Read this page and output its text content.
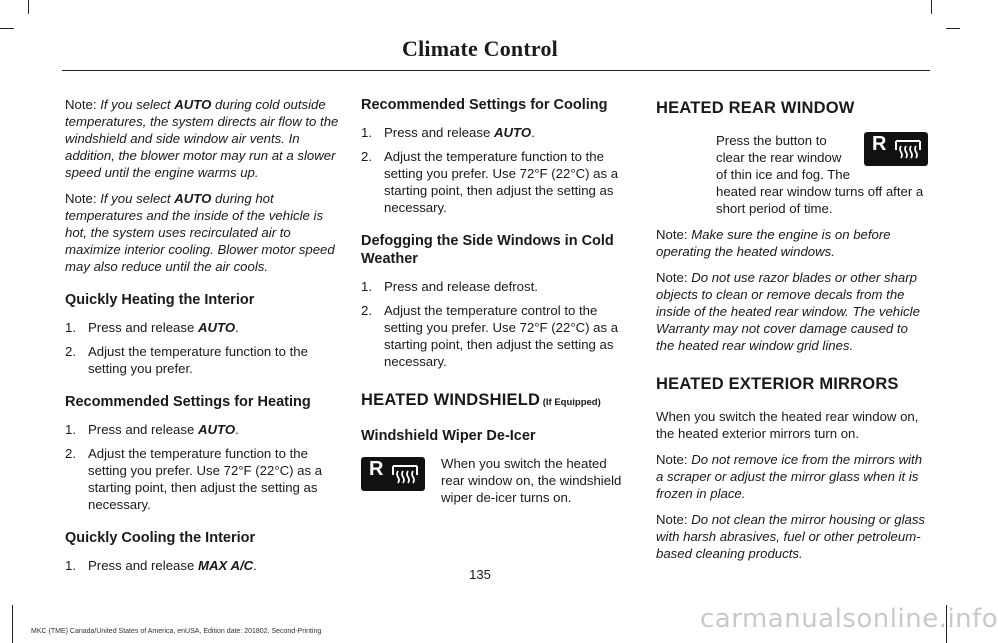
Climate Control

Note: If you select AUTO during cold outside temperatures, the system directs air flow to the windshield and side window air vents. In addition, the blower motor may run at a slower speed until the engine warms up.

Note: If you select AUTO during hot temperatures and the inside of the vehicle is hot, the system uses recirculated air to maximize interior cooling. Blower motor speed may also reduce until the air cools.

Quickly Heating the Interior
1. Press and release AUTO.
2. Adjust the temperature function to the setting you prefer.
Recommended Settings for Heating
1. Press and release AUTO.
2. Adjust the temperature function to the setting you prefer. Use 72°F (22°C) as a starting point, then adjust the setting as necessary.
Quickly Cooling the Interior
1. Press and release MAX A/C.
Recommended Settings for Cooling
1. Press and release AUTO.
2. Adjust the temperature function to the setting you prefer. Use 72°F (22°C) as a starting point, then adjust the setting as necessary.
Defogging the Side Windows in Cold Weather
1. Press and release defrost.
2. Adjust the temperature control to the setting you prefer. Use 72°F (22°C) as a starting point, then adjust the setting as necessary.
HEATED WINDSHIELD (If Equipped)
Windshield Wiper De-Icer
R	When you switch the heated rear window on, the windshield wiper de-icer turns on.

HEATED REAR WINDOW
R

Press the button to clear the rear window of thin ice and fog. The heated rear window turns off after a short period of time.

Note: Make sure the engine is on before operating the heated windows.

Note: Do not use razor blades or other sharp objects to clean or remove decals from the inside of the heated rear window. The vehicle Warranty may not cover damage caused to the heated rear window grid lines.

HEATED EXTERIOR MIRRORS

When you switch the heated rear window on, the heated exterior mirrors turn on.

Note: Do not remove ice from the mirrors with a scraper or adjust the mirror glass when it is frozen in place.

Note: Do not clean the mirror housing or glass with harsh abrasives, fuel or other petroleum-based cleaning products.

135
carmanualsonline.info
MKC (TME) Canada/United States of America, enUSA, Edition date: 201802, Second-Printing
